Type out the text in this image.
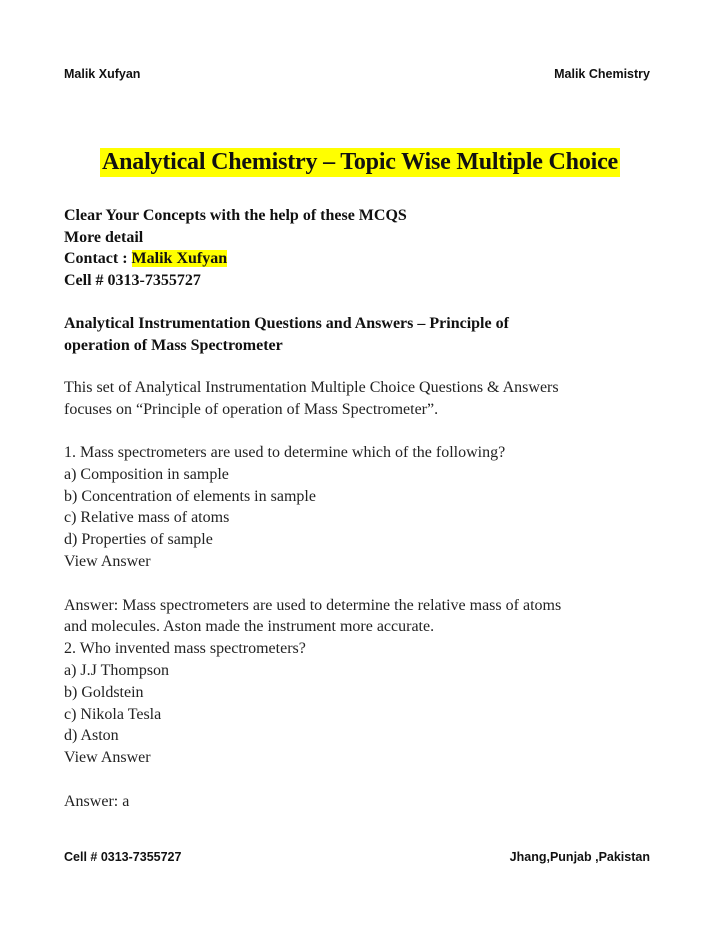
Malik Xufyan	Malik Chemistry
Analytical Chemistry – Topic Wise Multiple Choice
Clear Your Concepts with the help of these MCQS
More detail
Contact : Malik Xufyan
Cell # 0313-7355727
Analytical Instrumentation Questions and Answers – Principle of
operation of Mass Spectrometer
This set of Analytical Instrumentation Multiple Choice Questions & Answers
focuses on “Principle of operation of Mass Spectrometer”.
1. Mass spectrometers are used to determine which of the following?
a) Composition in sample
b) Concentration of elements in sample
c) Relative mass of atoms
d) Properties of sample
View Answer
Answer: Mass spectrometers are used to determine the relative mass of atoms
and molecules. Aston made the instrument more accurate.
2. Who invented mass spectrometers?
a) J.J Thompson
b) Goldstein
c) Nikola Tesla
d) Aston
View Answer
Answer: a
Cell # 0313-7355727	Jhang,Punjab ,Pakistan
